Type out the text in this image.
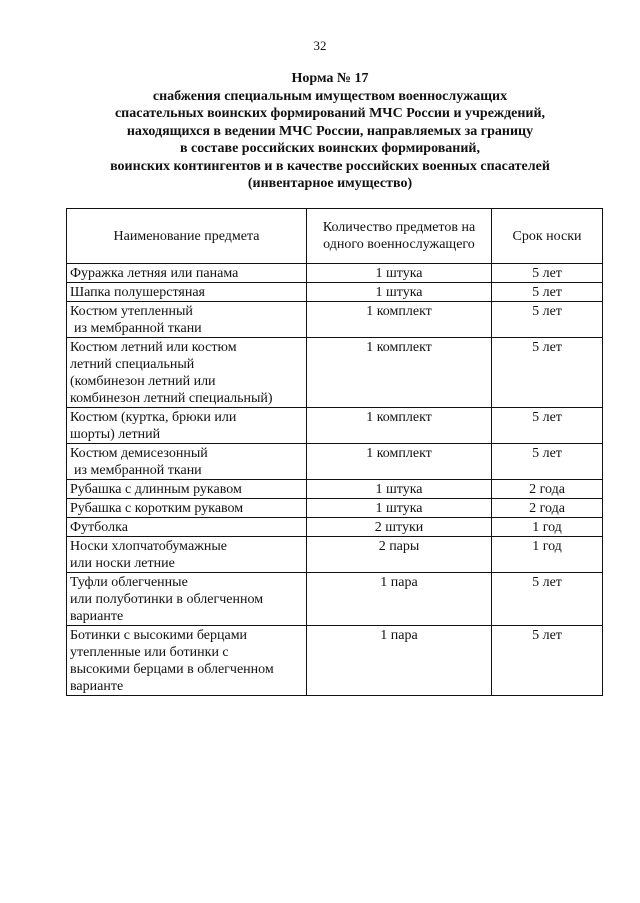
32
Норма № 17
снабжения специальным имуществом военнослужащих
спасательных воинских формирований МЧС России и учреждений,
находящихся в ведении МЧС России, направляемых за границу
в составе российских воинских формирований,
воинских контингентов и в качестве российских военных спасателей
(инвентарное имущество)
Наименование предмета	Количество предметов на одного военнослужащего	Срок носки

Фуражка летняя или панама	1 штука	5 лет

Шапка полушерстяная	1 штука	5 лет

Костюм утепленный
из мембранной ткани	1 комплект	5 лет

Костюм летний или костюм
летний специальный
(комбинезон летний или
комбинезон летний специальный)	1 комплект	5 лет

Костюм (куртка, брюки или
шорты) летний	1 комплект	5 лет

Костюм демисезонный
из мембранной ткани	1 комплект	5 лет

Рубашка с длинным рукавом	1 штука	2 года

Рубашка с коротким рукавом	1 штука	2 года

Футболка	2 штуки	1 год

Носки хлопчатобумажные
или носки летние	2 пары	1 год

Туфли облегченные
или полуботинки в облегченном
варианте	1 пара	5 лет

Ботинки с высокими берцами
утепленные или ботинки с
высокими берцами в облегченном
варианте	1 пара	5 лет
